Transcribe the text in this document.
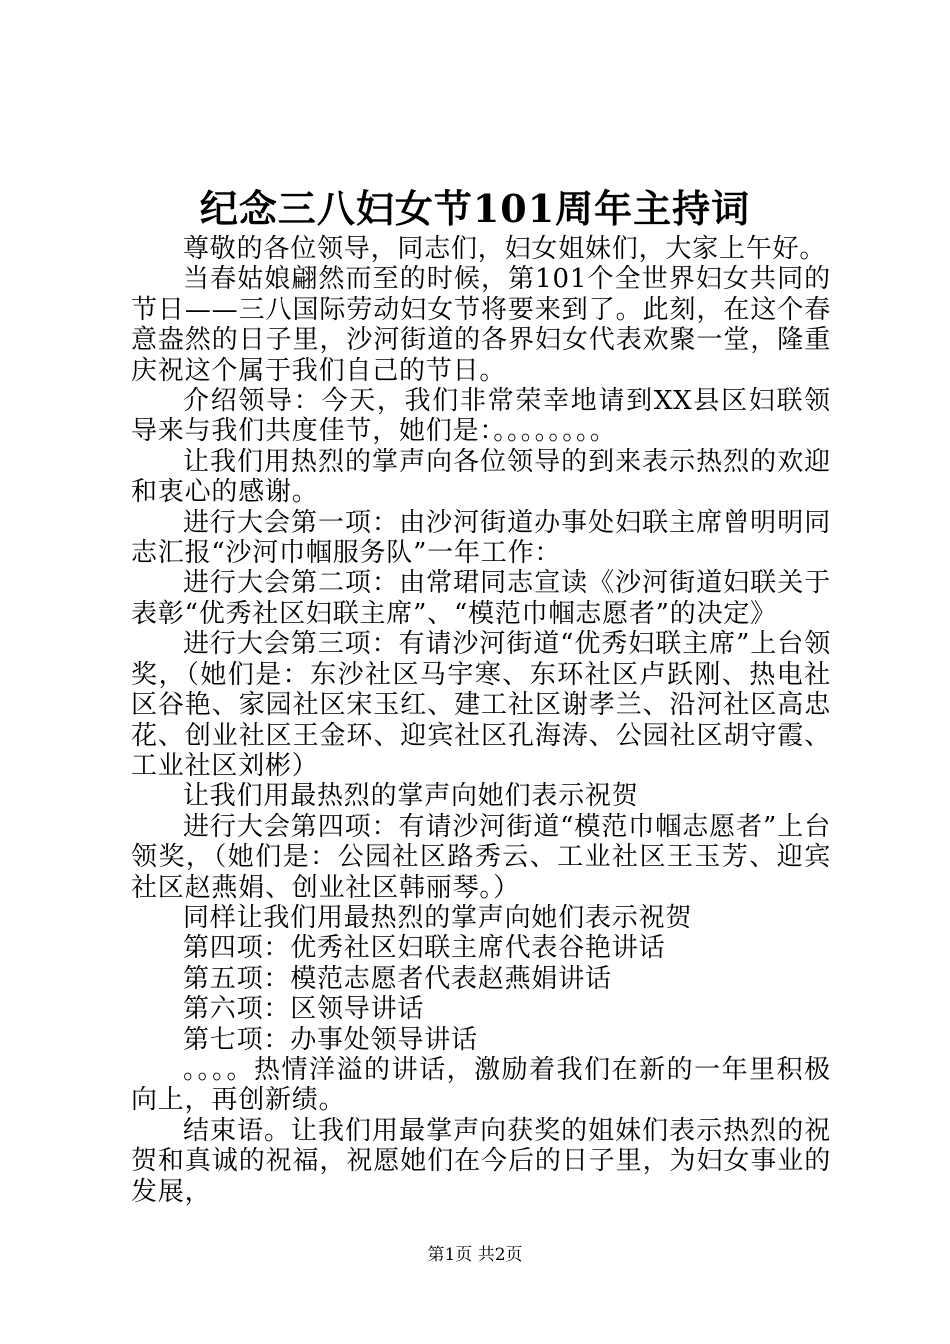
纪念三八妇女节101周年主持词

尊敬的各位领导，同志们，妇女姐妹们，大家上午好。

当春姑娘翩然而至的时候，第101个全世界妇女共同的节日——三八国际劳动妇女节将要来到了。此刻，在这个春意盎然的日子里，沙河街道的各界妇女代表欢聚一堂，隆重庆祝这个属于我们自己的节日。

介绍领导：今天，我们非常荣幸地请到XX县区妇联领导来与我们共度佳节，她们是：。。。。。。。。

让我们用热烈的掌声向各位领导的到来表示热烈的欢迎和衷心的感谢。

进行大会第一项：由沙河街道办事处妇联主席曾明明同志汇报“沙河巾帼服务队”一年工作：

进行大会第二项：由常珺同志宣读《沙河街道妇联关于表彰“优秀社区妇联主席”、“模范巾帼志愿者”的决定》

进行大会第三项：有请沙河街道“优秀妇联主席”上台领奖，（她们是：东沙社区马宇寒、东环社区卢跃刚、热电社区谷艳、家园社区宋玉红、建工社区谢孝兰、沿河社区高忠花、创业社区王金环、迎宾社区孔海涛、公园社区胡守霞、工业社区刘彬）

让我们用最热烈的掌声向她们表示祝贺

进行大会第四项：有请沙河街道“模范巾帼志愿者”上台领奖，（她们是：公园社区路秀云、工业社区王玉芳、迎宾社区赵燕娟、创业社区韩丽琴。）

同样让我们用最热烈的掌声向她们表示祝贺

第四项：优秀社区妇联主席代表谷艳讲话

第五项：模范志愿者代表赵燕娟讲话

第六项：区领导讲话

第七项：办事处领导讲话

。。。。热情洋溢的讲话，激励着我们在新的一年里积极向上，再创新绩。

结束语。让我们用最掌声向获奖的姐妹们表示热烈的祝贺和真诚的祝福，祝愿她们在今后的日子里，为妇女事业的发展，

第1页 共2页
